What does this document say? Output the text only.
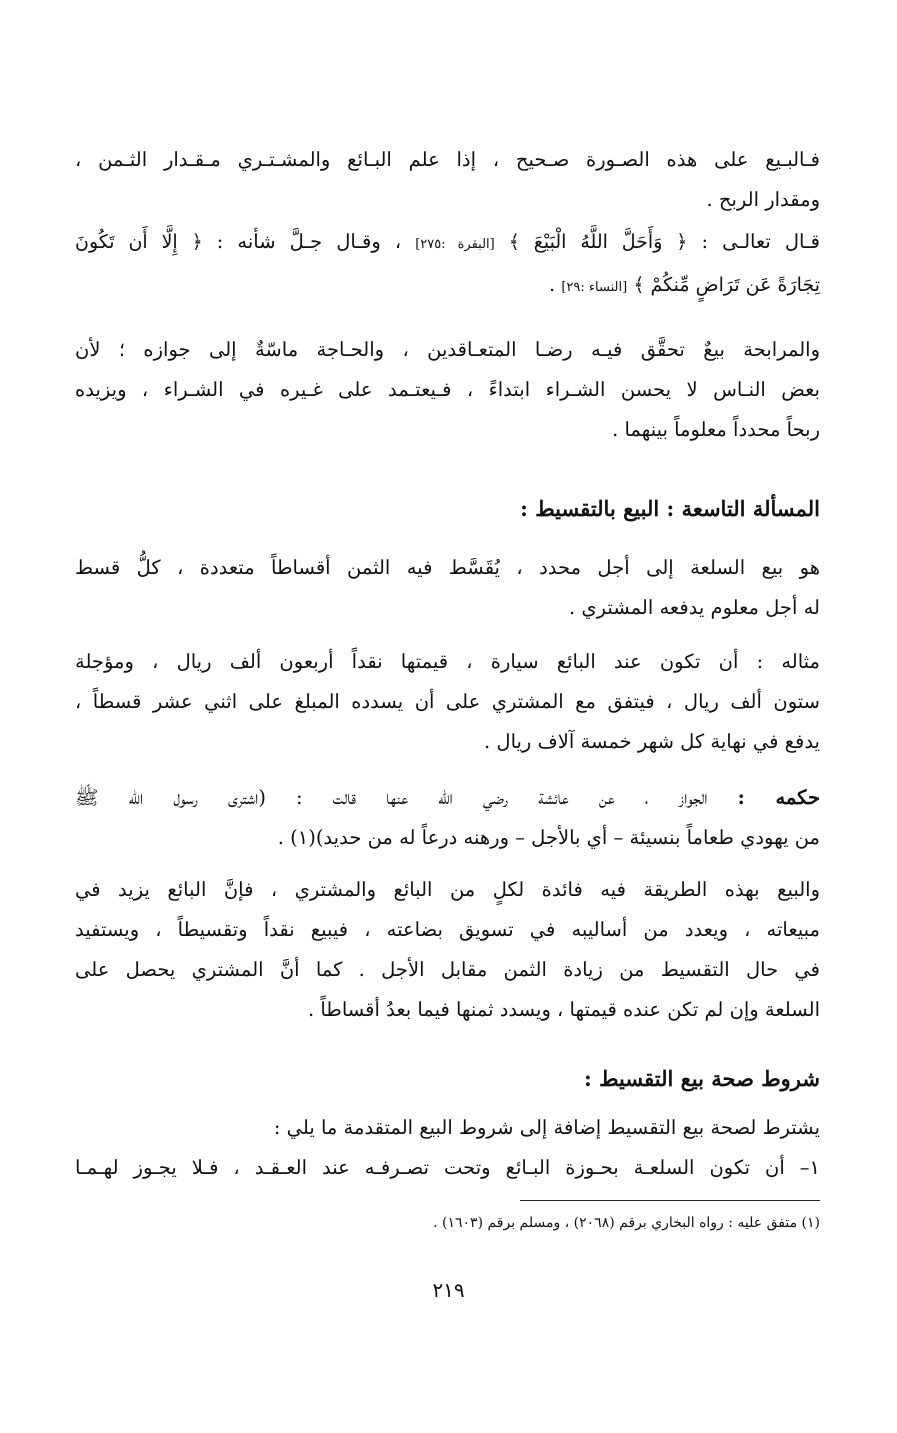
فـالبـيع على هذه الصـورة صـحيح ، إذا علم البـائع والمشـتـري مـقـدار الثـمن ،
ومقدار الربح .
قـال تعالـى : ﴿ وَأَحَلَّ اللَّهُ الْبَيْعَ ﴾ [البقرة :٢٧٥] ، وقـال جـلَّ شأنه : ﴿ إِلَّا أَن تَكُونَ
تِجَارَةً عَن تَرَاضٍ مِّنكُمْ ﴾ [النساء :٢٩] .
والمرابحة بيعٌ تحقَّق فيـه رضـا المتعـاقدين ، والحـاجة ماسّةٌ إلى جوازه ؛ لأن
بعض النـاس لا يحسن الشـراء ابتداءً ، فـيعتـمد على غـيره في الشـراء ، ويزيده
ربحاً محدداً معلوماً بينهما .
المسألة التاسعة : البيع بالتقسيط :
هو بيع السلعة إلى أجل محدد ، يُقَسَّط فيه الثمن أقساطاً متعددة ، كلُّ قسط
له أجل معلوم يدفعه المشتري .
مثاله : أن تكون عند البائع سيارة ، قيمتها نقداً أربعون ألف ريال ، ومؤجلة
ستون ألف ريال ، فيتفق مع المشتري على أن يسدده المبلغ على اثني عشر قسطاً ،
يدفع في نهاية كل شهر خمسة آلاف ريال .
حكمه : الجواز ، عن عائشة رضي الله عنها قالت : (اشترى رسول الله ﷺ
من يهودي طعاماً بنسيئة – أي بالأجل – ورهنه درعاً له من حديد)(١) .
والبيع بهذه الطريقة فيه فائدة لكلٍ من البائع والمشتري ، فإنَّ البائع يزيد في
مبيعاته ، ويعدد من أساليبه في تسويق بضاعته ، فيبيع نقداً وتقسيطاً ، ويستفيد
في حال التقسيط من زيادة الثمن مقابل الأجل . كما أنَّ المشتري يحصل على
السلعة وإن لم تكن عنده قيمتها ، ويسدد ثمنها فيما بعدُ أقساطاً .
شروط صحة بيع التقسيط :
يشترط لصحة بيع التقسيط إضافة إلى شروط البيع المتقدمة ما يلي :
١– أن تكون السلعـة بحـوزة البـائع وتحت تصـرفـه عند العـقـد ، فـلا يجـوز لهـمـا
(١) متفق عليه : رواه البخاري برقم (٢٠٦٨) ، ومسلم برقم (١٦٠٣) .
٢١٩
